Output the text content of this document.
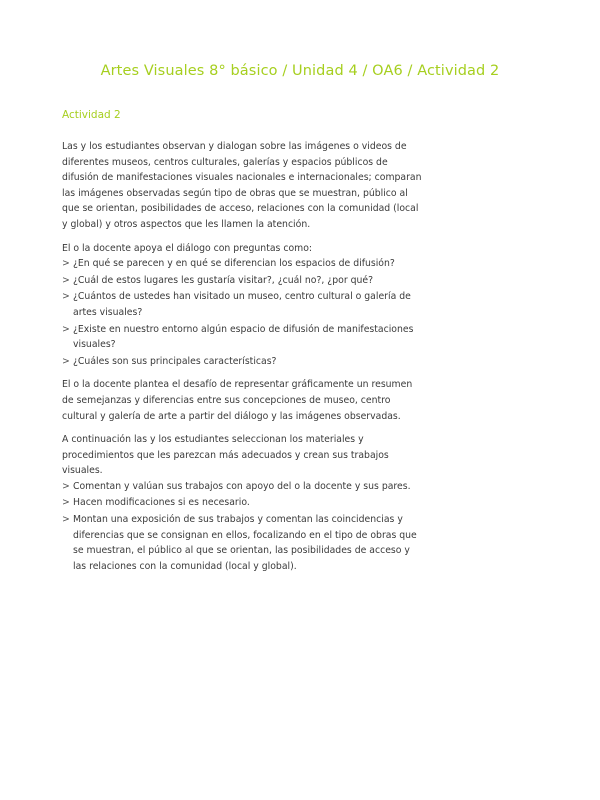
Artes Visuales 8° básico / Unidad 4 / OA6 / Actividad 2
Actividad 2

Las y los estudiantes observan y dialogan sobre las imágenes o videos de diferentes museos, centros culturales, galerías y espacios públicos de difusión de manifestaciones visuales nacionales e internacionales; comparan las imágenes observadas según tipo de obras que se muestran, público al que se orientan, posibilidades de acceso, relaciones con la comunidad (local y global) y otros aspectos que les llamen la atención.

El o la docente apoya el diálogo con preguntas como:

> ¿En qué se parecen y en qué se diferencian los espacios de difusión?
> ¿Cuál de estos lugares les gustaría visitar?, ¿cuál no?, ¿por qué?
> ¿Cuántos de ustedes han visitado un museo, centro cultural o galería de artes visuales?
> ¿Existe en nuestro entorno algún espacio de difusión de manifestaciones visuales?
> ¿Cuáles son sus principales características?

El o la docente plantea el desafío de representar gráficamente un resumen de semejanzas y diferencias entre sus concepciones de museo, centro cultural y galería de arte a partir del diálogo y las imágenes observadas.

A continuación las y los estudiantes seleccionan los materiales y procedimientos que les parezcan más adecuados y crean sus trabajos visuales.

> Comentan y valúan sus trabajos con apoyo del o la docente y sus pares.
> Hacen modificaciones si es necesario.
> Montan una exposición de sus trabajos y comentan las coincidencias y diferencias que se consignan en ellos, focalizando en el tipo de obras que se muestran, el público al que se orientan, las posibilidades de acceso y las relaciones con la comunidad (local y global).
